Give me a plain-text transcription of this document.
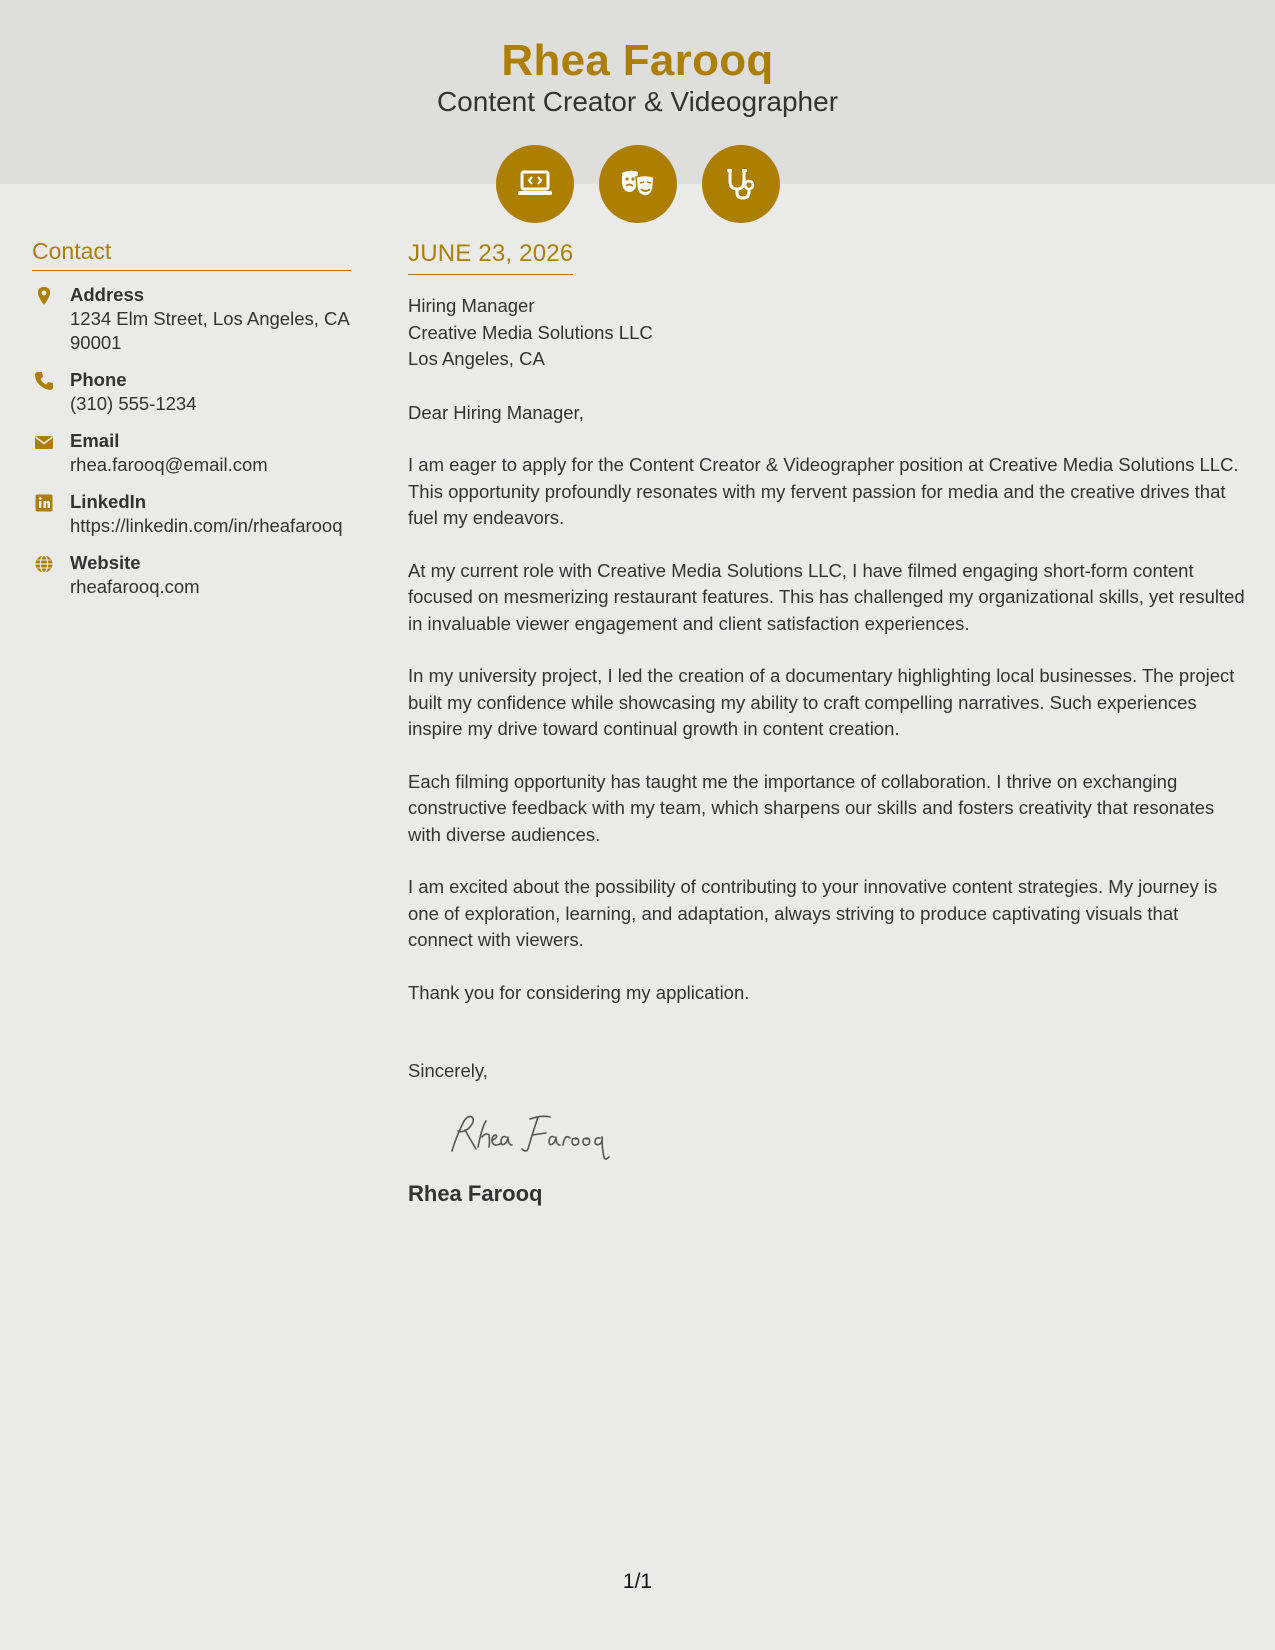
Rhea Farooq
Content Creator & Videographer
Contact
Address
1234 Elm Street, Los Angeles, CA 90001
Phone
(310) 555-1234
Email
rhea.farooq@email.com
LinkedIn
https://linkedin.com/in/rheafarooq
Website
rheafarooq.com
JUNE 23, 2026
Hiring Manager
Creative Media Solutions LLC
Los Angeles, CA
Dear Hiring Manager,
I am eager to apply for the Content Creator & Videographer position at Creative Media Solutions LLC. This opportunity profoundly resonates with my fervent passion for media and the creative drives that fuel my endeavors.
At my current role with Creative Media Solutions LLC, I have filmed engaging short-form content focused on mesmerizing restaurant features. This has challenged my organizational skills, yet resulted in invaluable viewer engagement and client satisfaction experiences.
In my university project, I led the creation of a documentary highlighting local businesses. The project built my confidence while showcasing my ability to craft compelling narratives. Such experiences inspire my drive toward continual growth in content creation.
Each filming opportunity has taught me the importance of collaboration. I thrive on exchanging constructive feedback with my team, which sharpens our skills and fosters creativity that resonates with diverse audiences.
I am excited about the possibility of contributing to your innovative content strategies. My journey is one of exploration, learning, and adaptation, always striving to produce captivating visuals that connect with viewers.
Thank you for considering my application.
Sincerely,
Rhea Farooq
1/1
